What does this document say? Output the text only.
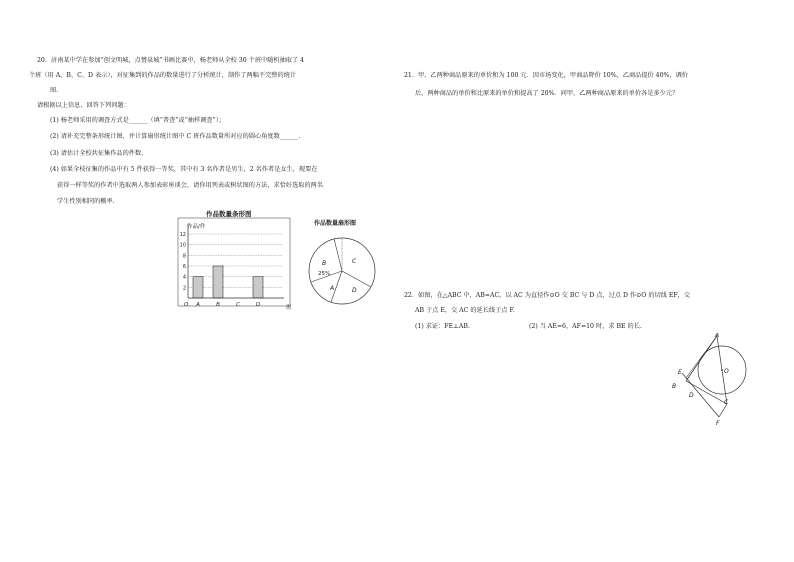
20．济南某中学在参加“创文明城，点赞泉城”书画比赛中，杨老师从全校 30 个班中随机抽取了 4
个班（用 A、B、C、D 表示），对征集到的作品的数量进行了分析统计，制作了两幅不完整的统计
图.
请根据以上信息，回答下列问题：
(1) 杨老师采用的调查方式是______（填“普查”或“抽样调查”）；
(2) 请补充完整条形统计图，并计算扇形统计图中 C 班作品数量所对应的圆心角度数______.
(3) 请估计全校共征集作品的件数.
(4) 如果全枝征集的作品中有 5 件获得一等奖，其中有 3 名作者是男生，2 名作者是女生，现要在
获得一样等奖的作者中选取两人参加表彰座谈会，请你用列表或树状图的方法，求恰好选取的两名
学生性别相同的概率.
作品数量条形图
作品/件
2
4
6
8
10
12
A	B	C	D
O	班
作品数量扇形图
C
B
25%
A	D
21．甲、乙两种商品原来的单价和为 100 元．因市场变化，甲商品降价 10%，乙商品提价 40%，调价
后，两种商品的单价和比原来的单价和提高了 20%．问甲、乙两种商品原来的单价各是多少元？
22．如图，在△ABC 中，AB=AC，以 AC 为直径作⊙O 交 BC 与 D 点，过点 D 作⊙O 的切线 EF，交
AB 于点 E，交 AC 的延长线于点 F.
(1) 求证：FE⊥AB.	(2) 当 AE=6，AF=10 时，求 BE 的长.
A
O
E
B
D
C
F
